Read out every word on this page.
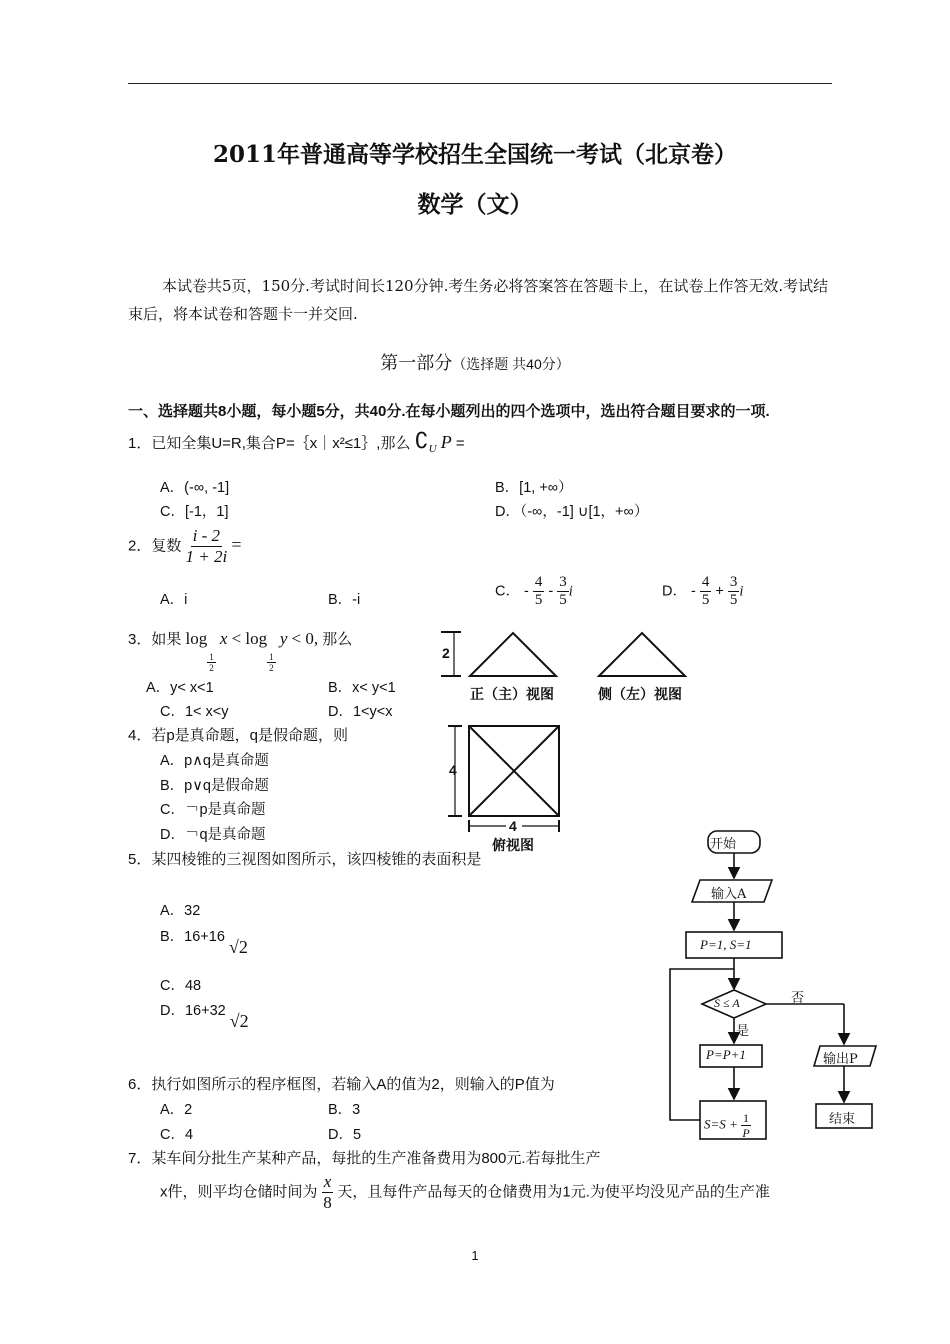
2011年普通高等学校招生全国统一考试（北京卷）
数学（文）
本试卷共5页，150分.考试时间长120分钟.考生务必将答案答在答题卡上，在试卷上作答无效.考试结束后，将本试卷和答题卡一并交回.
第一部分（选择题 共40分）
一、选择题共8小题，每小题5分，共40分.在每小题列出的四个选项中，选出符合题目要求的一项.
1．已知全集U=R,集合P=｛x｜x²≤1｝,那么 $∁_U$ P =
A．(-∞, -1]	B．[1, +∞）
C．[-1，1]	D．（-∞，-1] ∪[1，+∞）
2．复数 $\frac{i - 2}{1 + 2i}$ =
A．i	B．-i
C． - $\frac{4}{5} - \frac{3}{5}$ i	D． - $\frac{4}{5} + \frac{3}{5}$ i
3．如果 log
$\frac{1}{2}$
x < log
$\frac{1}{2}$
y < 0, 那么
A．y< x<1	B．x< y<1
C．1< x<y	D．1<y<x
4．若p是真命题，q是假命题，则
A．p∧q是真命题
B．p∨q是假命题
C．￢p是真命题
D．￢q是真命题
5．某四棱锥的三视图如图所示，该四棱锥的表面积是
A．32
B．16+16 √2
C．48
D．16+32 √2
2
正（主）视图	侧（左）视图
4
4
俯视图	开始
输入A
P=1, S=1
S ≤ A	否
是
P=P+1
$S=S + \frac{1}{P}$
输出P
结束
6．执行如图所示的程序框图，若输入A的值为2，则输入的P值为
A．2	B．3
C．4	D．5
7．某车间分批生产某种产品，每批的生产准备费用为800元.若每批生产
x件，则平均仓储时间为 $\frac{x}{8}$ 天，且每件产品每天的仓储费用为1元.为使平均没见产品的生产准
1
